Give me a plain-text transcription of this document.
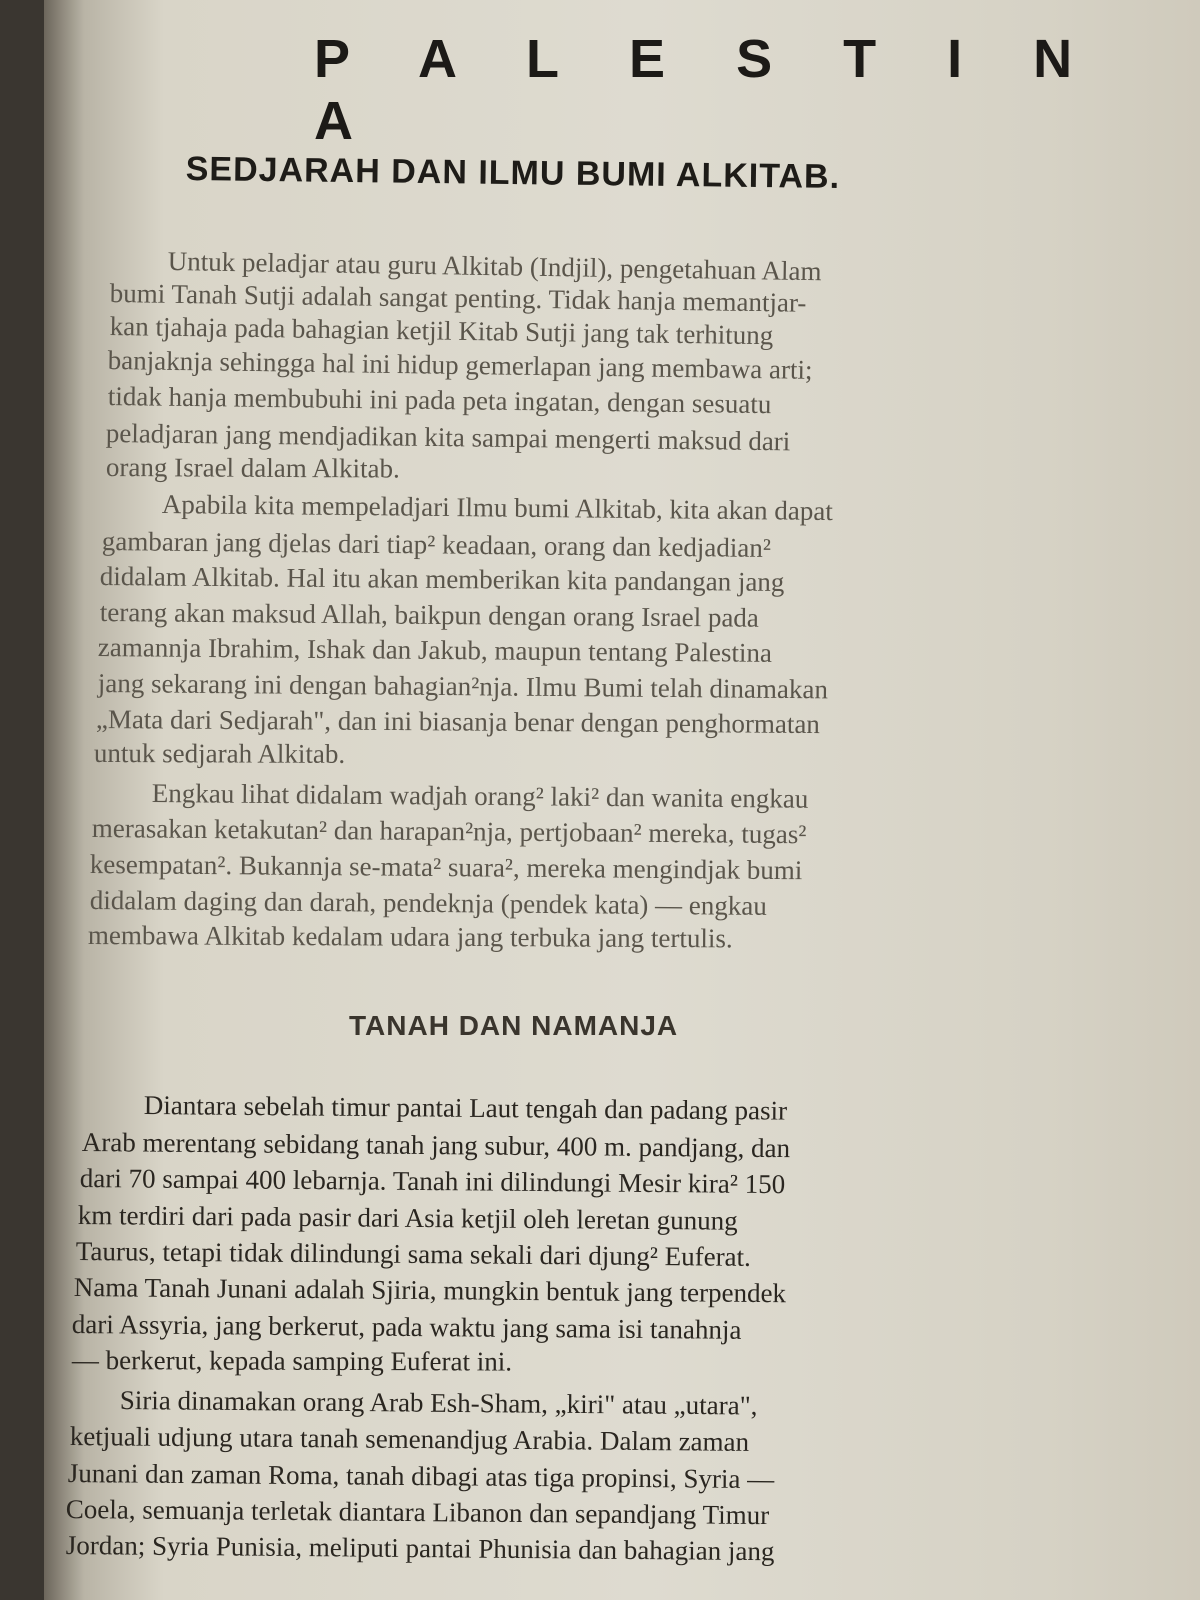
P A L E S T I N A
SEDJARAH DAN ILMU BUMI ALKITAB.
Untuk peladjar atau guru Alkitab (Indjil), pengetahuan Alam
bumi Tanah Sutji adalah sangat penting. Tidak hanja memantjar-
kan tjahaja pada bahagian ketjil Kitab Sutji jang tak terhitung
banjaknja sehingga hal ini hidup gemerlapan jang membawa arti;
tidak hanja membubuhi ini pada peta ingatan, dengan sesuatu
peladjaran jang mendjadikan kita sampai mengerti maksud dari
orang Israel dalam Alkitab.
Apabila kita mempeladjari Ilmu bumi Alkitab, kita akan dapat
gambaran jang djelas dari tiap² keadaan, orang dan kedjadian²
didalam Alkitab. Hal itu akan memberikan kita pandangan jang
terang akan maksud Allah, baikpun dengan orang Israel pada
zamannja Ibrahim, Ishak dan Jakub, maupun tentang Palestina
jang sekarang ini dengan bahagian²nja. Ilmu Bumi telah dinamakan
„Mata dari Sedjarah", dan ini biasanja benar dengan penghormatan
untuk sedjarah Alkitab.
Engkau lihat didalam wadjah orang² laki² dan wanita engkau
merasakan ketakutan² dan harapan²nja, pertjobaan² mereka, tugas²
kesempatan². Bukannja se-mata² suara², mereka mengindjak bumi
didalam daging dan darah, pendeknja (pendek kata) — engkau
membawa Alkitab kedalam udara jang terbuka jang tertulis.
TANAH DAN NAMANJA
Diantara sebelah timur pantai Laut tengah dan padang pasir
Arab merentang sebidang tanah jang subur, 400 m. pandjang, dan
dari 70 sampai 400 lebarnja. Tanah ini dilindungi Mesir kira² 150
km terdiri dari pada pasir dari Asia ketjil oleh leretan gunung
Taurus, tetapi tidak dilindungi sama sekali dari djung² Euferat.
Nama Tanah Junani adalah Sjiria, mungkin bentuk jang terpendek
dari Assyria, jang berkerut, pada waktu jang sama isi tanahnja
— berkerut, kepada samping Euferat ini.
Siria dinamakan orang Arab Esh-Sham, „kiri" atau „utara",
ketjuali udjung utara tanah semenandjug Arabia. Dalam zaman
Junani dan zaman Roma, tanah dibagi atas tiga propinsi, Syria —
Coela, semuanja terletak diantara Libanon dan sepandjang Timur
Jordan; Syria Punisia, meliputi pantai Phunisia dan bahagian jang
